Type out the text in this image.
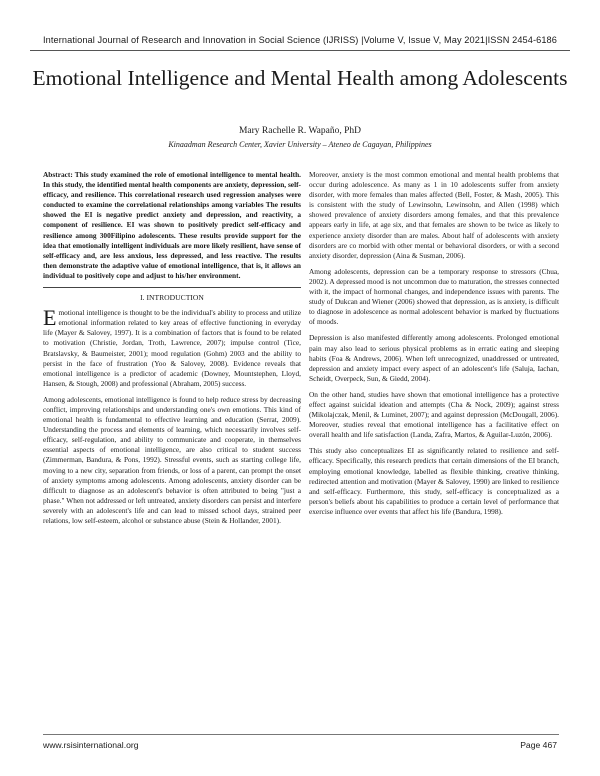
International Journal of Research and Innovation in Social Science (IJRISS) |Volume V, Issue V, May 2021|ISSN 2454-6186
Emotional Intelligence and Mental Health among Adolescents
Mary Rachelle R. Wapaño, PhD
Kinaadman Research Center, Xavier University – Ateneo de Cagayan, Philippines

Abstract: This study examined the role of emotional intelligence to mental health. In this study, the identified mental health components are anxiety, depression, self-efficacy, and resilience. This correlational research used regression analyses were conducted to examine the correlational relationships among variables The results showed the EI is negative predict anxiety and depression, and reactivity, a component of resilience. EI was shown to positively predict self-efficacy and resilience among 300Filipino adolescents. These results provide support for the idea that emotionally intelligent individuals are more likely resilient, have sense of self-efficacy and, are less anxious, less depressed, and less reactive. The results then demonstrate the adaptive value of emotional intelligence, that is, it allows an individual to positively cope and adjust to his/her environment.

I. INTRODUCTION

Emotional intelligence is thought to be the individual's ability to process and utilize emotional information related to key areas of effective functioning in everyday life (Mayer & Salovey, 1997). It is a combination of factors that is found to be related to motivation (Christie, Jordan, Troth, Lawrence, 2007); impulse control (Tice, Bratslavsky, & Baumeister, 2001); mood regulation (Gohm) 2003 and the ability to persist in the face of frustration (Yoo & Salovey, 2008). Evidence reveals that emotional intelligence is a predictor of academic (Downey, Mountstephen, Lloyd, Hansen, & Stough, 2008) and professional (Abraham, 2005) success.

Among adolescents, emotional intelligence is found to help reduce stress by decreasing conflict, improving relationships and understanding one's own emotions. This kind of emotional health is fundamental to effective learning and education (Serrat, 2009). Understanding the process and elements of learning, which necessarily involves self-efficacy, self-regulation, and ability to communicate and cooperate, in themselves essential aspects of emotional intelligence, are also critical to student success (Zimmerman, Bandura, & Pons, 1992). Stressful events, such as starting college life, moving to a new city, separation from friends, or loss of a parent, can prompt the onset of anxiety symptoms among adolescents. Among adolescents, anxiety disorder can be difficult to diagnose as an adolescent's behavior is often attributed to being "just a phase." When not addressed or left untreated, anxiety disorders can persist and interfere severely with an adolescent's life and can lead to missed school days, strained peer relations, low self-esteem, alcohol or substance abuse (Stein & Hollander, 2001).

Moreover, anxiety is the most common emotional and mental health problems that occur during adolescence. As many as 1 in 10 adolescents suffer from anxiety disorder, with more females than males affected (Bell, Foster, & Mash, 2005). This is consistent with the study of Lewinsohn, Lewinsohn, and Allen (1998) which showed prevalence of anxiety disorders among females, and that this prevalence appears early in life, at age six, and that females are shown to be twice as likely to experience anxiety disorder than are males. About half of adolescents with anxiety disorders are co morbid with other mental or behavioral disorders, or with a second anxiety disorder, depression (Aina & Susman, 2006).

Among adolescents, depression can be a temporary response to stressors (Chua, 2002). A depressed mood is not uncommon due to maturation, the stresses connected with it, the impact of hormonal changes, and independence issues with parents. The study of Dukcan and Wiener (2006) showed that depression, as is anxiety, is difficult to diagnose in adolescence as normal adolescent behavior is marked by fluctuations of moods.

Depression is also manifested differently among adolescents. Prolonged emotional pain may also lead to serious physical problems as in erratic eating and sleeping habits (Foa & Andrews, 2006). When left unrecognized, unaddressed or untreated, depression and anxiety impact every aspect of an adolescent's life (Saluja, Iachan, Scheidt, Overpeck, Sun, & Giedd, 2004).

On the other hand, studies have shown that emotional intelligence has a protective effect against suicidal ideation and attempts (Cha & Nock, 2009); against stress (Mikolajczak, Menil, & Luminet, 2007); and against depression (McDougall, 2006). Moreover, studies reveal that emotional intelligence has a facilitative effect on overall health and life satisfaction (Landa, Zafra, Martos, & Aguilar-Luzón, 2006).

This study also conceptualizes EI as significantly related to resilience and self-efficacy. Specifically, this research predicts that certain dimensions of the EI branch, employing emotional knowledge, labelled as flexible thinking, creative thinking, redirected attention and motivation (Mayer & Salovey, 1990) are linked to resilience and self-efficacy. Furthermore, this study, self-efficacy is conceptualized as a person's beliefs about his capabilities to produce a certain level of performance that exercise influence over events that affect his life (Bandura, 1998).

www.rsisinternational.org	Page 467
